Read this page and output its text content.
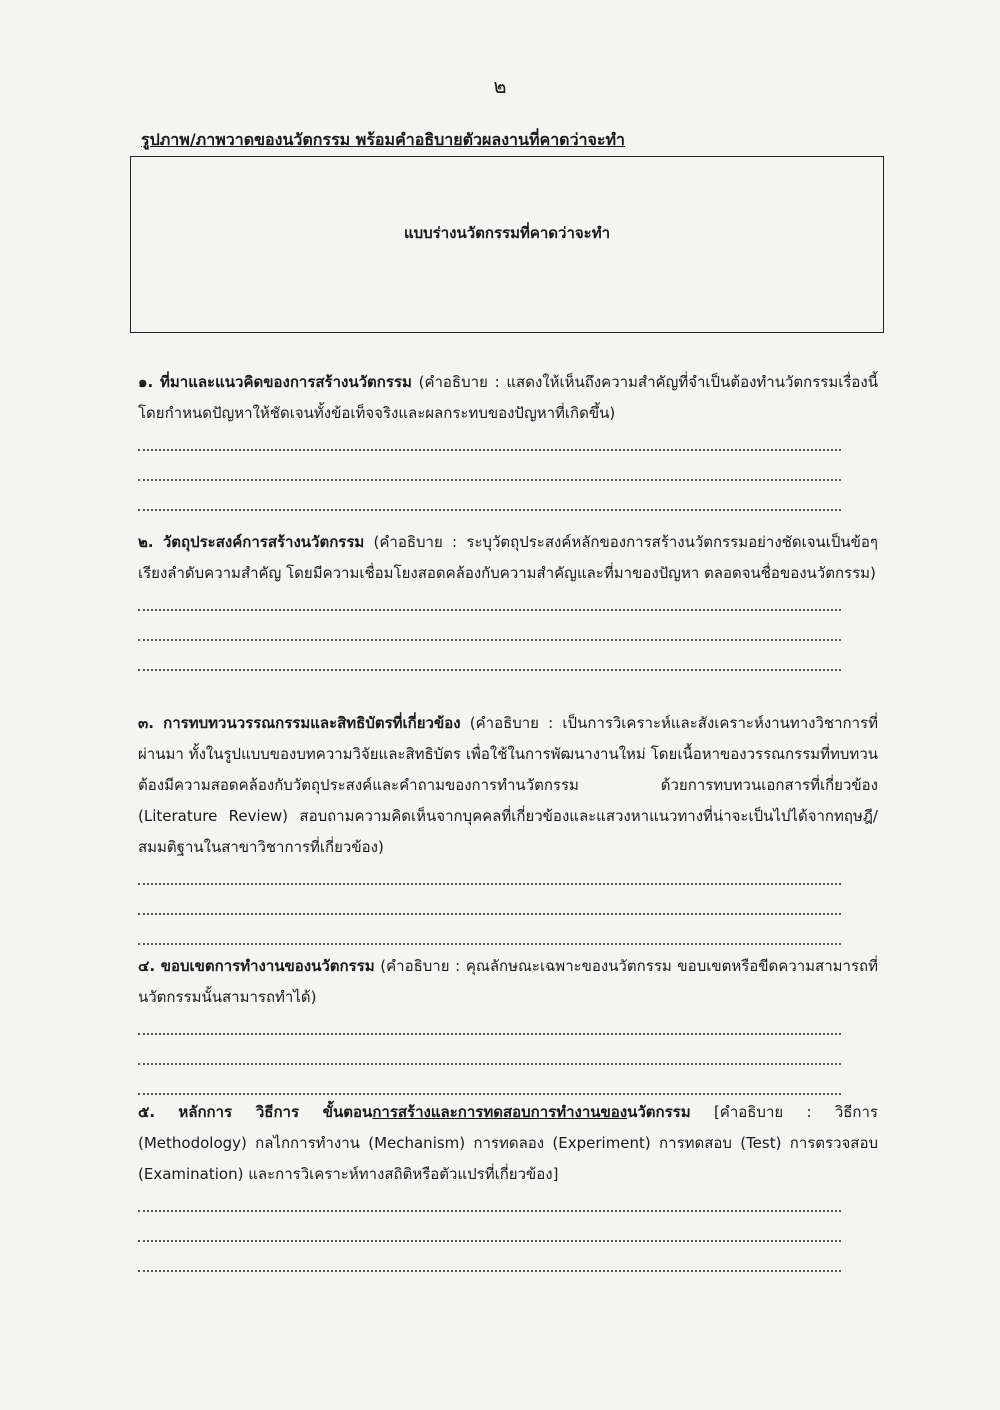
๒
รูปภาพ/ภาพวาดของนวัตกรรม พร้อมคำอธิบายตัวผลงานที่คาดว่าจะทำ
แบบร่างนวัตกรรมที่คาดว่าจะทำ

๑. ที่มาและแนวคิดของการสร้างนวัตกรรม (คำอธิบาย : แสดงให้เห็นถึงความสำคัญที่จำเป็นต้องทำนวัตกรรมเรื่องนี้ โดยกำหนดปัญหาให้ชัดเจนทั้งข้อเท็จจริงและผลกระทบของปัญหาที่เกิดขึ้น)

๒. วัตถุประสงค์การสร้างนวัตกรรม (คำอธิบาย : ระบุวัตถุประสงค์หลักของการสร้างนวัตกรรมอย่างชัดเจนเป็นข้อๆ เรียงลำดับความสำคัญ โดยมีความเชื่อมโยงสอดคล้องกับความสำคัญและที่มาของปัญหา ตลอดจนชื่อของนวัตกรรม)

๓. การทบทวนวรรณกรรมและสิทธิบัตรที่เกี่ยวข้อง (คำอธิบาย : เป็นการวิเคราะห์และสังเคราะห์งานทางวิชาการที่ผ่านมา ทั้งในรูปแบบของบทความวิจัยและสิทธิบัตร เพื่อใช้ในการพัฒนางานใหม่ โดยเนื้อหาของวรรณกรรมที่ทบทวนต้องมีความสอดคล้องกับวัตถุประสงค์และคำถามของการทำนวัตกรรม ด้วยการทบทวนเอกสารที่เกี่ยวข้อง (Literature Review) สอบถามความคิดเห็นจากบุคคลที่เกี่ยวข้องและแสวงหาแนวทางที่น่าจะเป็นไปได้จากทฤษฎี/สมมติฐานในสาขาวิชาการที่เกี่ยวข้อง)

๔. ขอบเขตการทำงานของนวัตกรรม (คำอธิบาย : คุณลักษณะเฉพาะของนวัตกรรม ขอบเขตหรือขีดความสามารถที่นวัตกรรมนั้นสามารถทำได้)

๕. หลักการ วิธีการ ขั้นตอนการสร้างและการทดสอบการทำงานของนวัตกรรม [คำอธิบาย : วิธีการ (Methodology) กลไกการทำงาน (Mechanism) การทดลอง (Experiment) การทดสอบ (Test) การตรวจสอบ (Examination) และการวิเคราะห์ทางสถิติหรือตัวแปรที่เกี่ยวข้อง]
